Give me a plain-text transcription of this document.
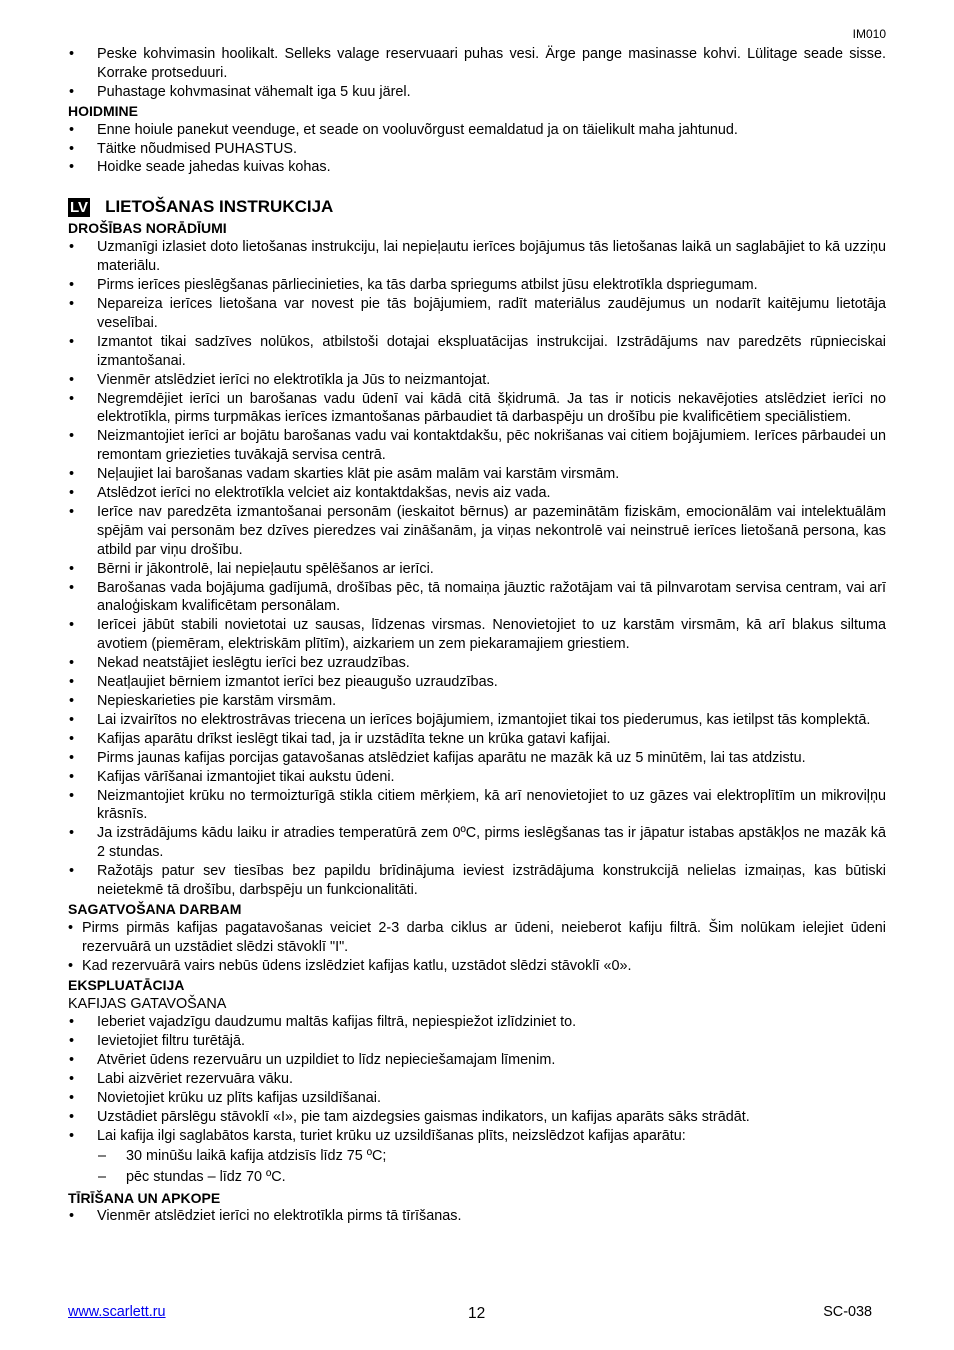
IM010
• Peske kohvimasin hoolikalt. Selleks valage reservuaari puhas vesi. Ärge pange masinasse kohvi. Lülitage seade sisse. Korrake protseduuri.
• Puhastage kohvmasinat vähemalt iga 5 kuu järel.
HOIDMINE
• Enne hoiule panekut veenduge, et seade on vooluvõrgust eemaldatud ja on täielikult maha jahtunud.
• Täitke nõudmised PUHASTUS.
• Hoidke seade jahedas kuivas kohas.
LV LIETOŠANAS INSTRUKCIJA
DROŠĪBAS NORĀDĪUMI
• Uzmanīgi izlasiet doto lietošanas instrukciju, lai nepieļautu ierīces bojājumus tās lietošanas laikā un saglabājiet to kā uzziņu materiālu.
• Pirms ierīces pieslēgšanas pārliecinieties, ka tās darba spriegums atbilst jūsu elektrotīkla dspriegumam.
• Nepareiza ierīces lietošana var novest pie tās bojājumiem, radīt materiālus zaudējumus un nodarīt kaitējumu lietotāja veselībai.
• Izmantot tikai sadzīves nolūkos, atbilstoši dotajai ekspluatācijas instrukcijai. Izstrādājums nav paredzēts rūpnieciskai izmantošanai.
• Vienmēr atslēdziet ierīci no elektrotīkla ja Jūs to neizmantojat.
• Negremdējiet ierīci un barošanas vadu ūdenī vai kādā citā šķidrumā. Ja tas ir noticis nekavējoties atslēdziet ierīci no elektrotīkla, pirms turpmākas ierīces izmantošanas pārbaudiet tā darbaspēju un drošību pie kvalificētiem speciālistiem.
• Neizmantojiet ierīci ar bojātu barošanas vadu vai kontaktdakšu, pēc nokrišanas vai citiem bojājumiem. Ierīces pārbaudei un remontam griezieties tuvākajā servisa centrā.
• Neļaujiet lai barošanas vadam skarties klāt pie asām malām vai karstām virsmām.
• Atslēdzot ierīci no elektrotīkla velciet aiz kontaktdakšas, nevis aiz vada.
• Ierīce nav paredzēta izmantošanai personām (ieskaitot bērnus) ar pazeminātām fiziskām, emocionālām vai intelektuālām spējām vai personām bez dzīves pieredzes vai zināšanām, ja viņas nekontrolē vai neinstruē ierīces lietošanā persona, kas atbild par viņu drošību.
• Bērni ir jākontrolē, lai nepieļautu spēlēšanos ar ierīci.
• Barošanas vada bojājuma gadījumā, drošības pēc, tā nomaiņa jāuztic ražotājam vai tā pilnvarotam servisa centram, vai arī analoģiskam kvalificētam personālam.
• Ierīcei jābūt stabili novietotai uz sausas, līdzenas virsmas. Nenovietojiet to uz karstām virsmām, kā arī blakus siltuma avotiem (piemēram, elektriskām plītīm), aizkariem un zem piekaramajiem griestiem.
• Nekad neatstājiet ieslēgtu ierīci bez uzraudzības.
• Neatļaujiet bērniem izmantot ierīci bez pieaugušo uzraudzības.
• Nepieskarieties pie karstām virsmām.
• Lai izvairītos no elektrostrāvas triecena un ierīces bojājumiem, izmantojiet tikai tos piederumus, kas ietilpst tās komplektā.
• Kafijas aparātu drīkst ieslēgt tikai tad, ja ir uzstādīta tekne un krūka gatavi kafijai.
• Pirms jaunas kafijas porcijas gatavošanas atslēdziet kafijas aparātu ne mazāk kā uz 5 minūtēm, lai tas atdzistu.
• Kafijas vārīšanai izmantojiet tikai aukstu ūdeni.
• Neizmantojiet krūku no termoizturīgā stikla citiem mērķiem, kā arī nenovietojiet to uz gāzes vai elektroplītīm un mikroviļņu krāsnīs.
• Ja izstrādājums kādu laiku ir atradies temperatūrā zem 0ºC, pirms ieslēgšanas tas ir jāpatur istabas apstākļos ne mazāk kā 2 stundas.
• Ražotājs patur sev tiesības bez papildu brīdinājuma ieviest izstrādājuma konstrukcijā nelielas izmaiņas, kas būtiski neietekmē tā drošību, darbspēju un funkcionalitāti.
SAGATVOŠANA DARBAM
• Pirms pirmās kafijas pagatavošanas veiciet 2-3 darba ciklus ar ūdeni, neieberot kafiju filtrā. Šim nolūkam ielejiet ūdeni rezervuārā un uzstādiet slēdzi stāvoklī "I".
• Kad rezervuārā vairs nebūs ūdens izslēdziet kafijas katlu, uzstādot slēdzi stāvoklī «0».
EKSPLUATĀCIJA
KAFIJAS GATAVOŠANA
• Ieberiet vajadzīgu daudzumu maltās kafijas filtrā, nepiespiežot izlīdziniet to.
• Ievietojiet filtru turētājā.
• Atvēriet ūdens rezervuāru un uzpildiet to līdz nepieciešamajam līmenim.
• Labi aizvēriet rezervuāra vāku.
• Novietojiet krūku uz plīts kafijas uzsildīšanai.
• Uzstādiet pārslēgu stāvoklī «I», pie tam aizdegsies gaismas indikators, un kafijas aparāts sāks strādāt.
• Lai kafija ilgi saglabātos karsta, turiet krūku uz uzsildīšanas plīts, neizslēdzot kafijas aparātu:
– 30 minūšu laikā kafija atdzisīs līdz 75 ºC;
– pēc stundas – līdz 70 ºC.
TĪRĪŠANA UN APKOPE
• Vienmēr atslēdziet ierīci no elektrotīkla pirms tā tīrīšanas.
www.scarlett.ru	12	SC-038
